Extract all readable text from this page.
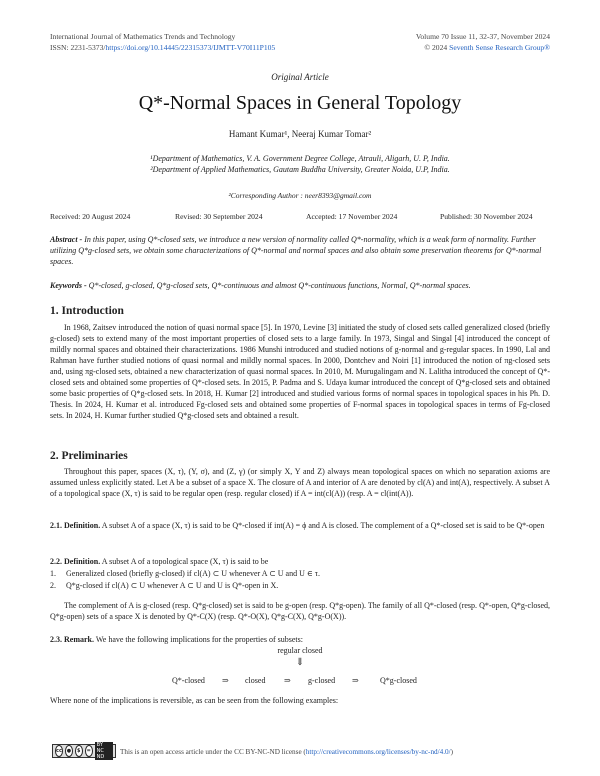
International Journal of Mathematics Trends and Technology
ISSN: 2231-5373/https://doi.org/10.14445/22315373/IJMTT-V70I11P105
Volume 70 Issue 11, 32-37, November 2024
© 2024 Seventh Sense Research Group®
Original Article
Q*-Normal Spaces in General Topology
Hamant Kumar¹, Neeraj Kumar Tomar²
¹Department of Mathematics, V. A. Government Degree College, Atrauli, Aligarh, U. P, India.
²Department of Applied Mathematics, Gautam Buddha University, Greater Noida, U.P, India.
²Corresponding Author : neer8393@gmail.com
Received: 20 August 2024	Revised: 30 September 2024	Accepted: 17 November 2024	Published: 30 November 2024
Abstract - In this paper, using Q*-closed sets, we introduce a new version of normality called Q*-normality, which is a weak form of normality. Further utilizing Q*g-closed sets, we obtain some characterizations of Q*-normal and normal spaces and also obtain some preservation theorems for Q*-normal spaces.
Keywords - Q*-closed, g-closed, Q*g-closed sets, Q*-continuous and almost Q*-continuous functions, Normal, Q*-normal spaces.
1. Introduction
In 1968, Zaitsev introduced the notion of quasi normal space [5]. In 1970, Levine [3] initiated the study of closed sets called generalized closed (briefly g-closed) sets to extend many of the most important properties of closed sets to a large family. In 1973, Singal and Singal [4] introduced the concept of mildly normal spaces and obtained their characterizations. 1986 Munshi introduced and studied notions of g-normal and g-regular spaces. In 1990, Lal and Rahman have further studied notions of quasi normal and mildly normal spaces. In 2000, Dontchev and Noiri [1] introduced the notion of πg-closed sets and, using πg-closed sets, obtained a new characterization of quasi normal spaces. In 2010, M. Murugalingam and N. Lalitha introduced the concept of Q*-closed sets and obtained some properties of Q*-closed sets. In 2015, P. Padma and S. Udaya kumar introduced the concept of Q*g-closed sets and obtained some basic properties of Q*g-closed sets. In 2018, H. Kumar [2] introduced and studied various forms of normal spaces in topological spaces in his Ph. D. Thesis. In 2024, H. Kumar et al. introduced Fg-closed sets and obtained some properties of F-normal spaces in topological spaces in terms of Fg-closed sets. In 2024, H. Kumar further studied Q*g-closed sets and obtained a result.
2. Preliminaries
Throughout this paper, spaces (X, τ), (Y, σ), and (Z, γ) (or simply X, Y and Z) always mean topological spaces on which no separation axioms are assumed unless explicitly stated. Let A be a subset of a space X. The closure of A and interior of A are denoted by cl(A) and int(A), respectively. A subset A of a topological space (X, τ) is said to be regular open (resp. regular closed) if A = int(cl(A)) (resp. A = cl(int(A)).
2.1. Definition. A subset A of a space (X, τ) is said to be Q*-closed if int(A) = ϕ and A is closed. The complement of a Q*-closed set is said to be Q*-open
2.2. Definition. A subset A of a topological space (X, τ) is said to be
1. Generalized closed (briefly g-closed) if cl(A) ⊂ U whenever A ⊂ U and U ∈ τ.
2. Q*g-closed if cl(A) ⊂ U whenever A ⊂ U and U is Q*-open in X.
The complement of A is g-closed (resp. Q*g-closed) set is said to be g-open (resp. Q*g-open). The family of all Q*-closed (resp. Q*-open, Q*g-closed, Q*g-open) sets of a space X is denoted by Q*-C(X) (resp. Q*-O(X), Q*g-C(X), Q*g-O(X)).
2.3. Remark. We have the following implications for the properties of subsets:
regular closed
⇓
Q*-closed ⇒ closed ⇒ g-closed ⇒	Q*g-closed
Where none of the implications is reversible, as can be seen from the following examples:
cc ●	$	=
BY NC ND
This is an open access article under the CC BY-NC-ND license (http://creativecommons.org/licenses/by-nc-nd/4.0/)
